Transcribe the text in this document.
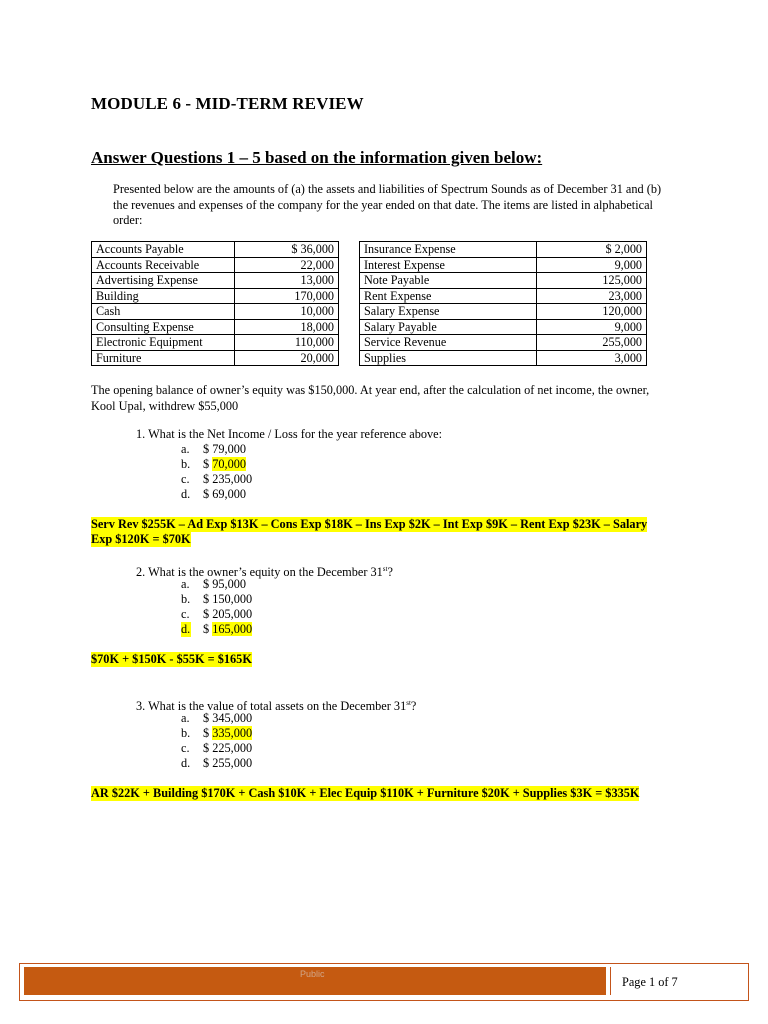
MODULE 6 - MID-TERM REVIEW
Answer Questions 1 – 5 based on the information given below:
Presented below are the amounts of (a) the assets and liabilities of Spectrum Sounds as of December 31 and (b) the revenues and expenses of the company for the year ended on that date. The items are listed in alphabetical order:
Accounts Payable	$ 36,000
Accounts Receivable	22,000
Advertising Expense	13,000
Building	170,000
Cash	10,000
Consulting Expense	18,000
Electronic Equipment	110,000
Furniture	20,000
Insurance Expense	$ 2,000
Interest Expense	9,000
Note Payable	125,000
Rent Expense	23,000
Salary Expense	120,000
Salary Payable	9,000
Service Revenue	255,000
Supplies	3,000
The opening balance of owner’s equity was $150,000. At year end, after the calculation of net income, the owner, Kool Upal, withdrew $55,000
1. What is the Net Income / Loss for the year reference above:
a. $ 79,000
b. $ 70,000
c. $ 235,000
d. $ 69,000
Serv Rev $255K – Ad Exp $13K – Cons Exp $18K – Ins Exp $2K – Int Exp $9K – Rent Exp $23K – Salary
Exp $120K = $70K
2. What is the owner’s equity on the December 31st?
a. $ 95,000
b. $ 150,000
c. $ 205,000
d. $ 165,000
$70K + $150K - $55K = $165K
3. What is the value of total assets on the December 31st?
a. $ 345,000
b. $ 335,000
c. $ 225,000
d. $ 255,000
AR $22K + Building $170K + Cash $10K + Elec Equip $110K + Furniture $20K + Supplies $3K = $335K
Public
Page 1 of 7
